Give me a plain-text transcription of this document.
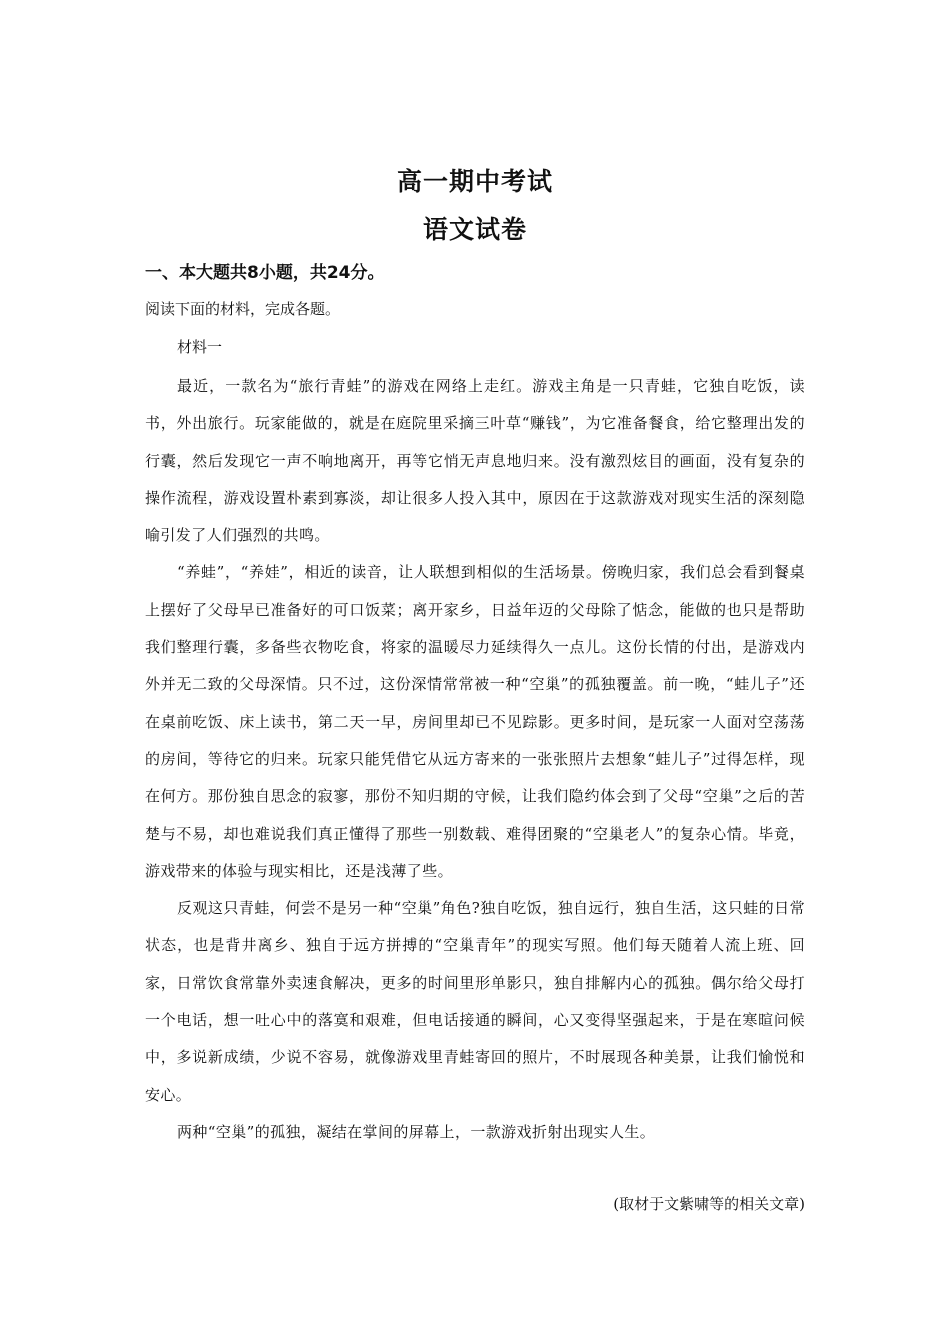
高一期中考试
语文试卷

一、本大题共8小题，共24分。

阅读下面的材料，完成各题。

材料一

最近，一款名为“旅行青蛙”的游戏在网络上走红。游戏主角是一只青蛙，它独自吃饭，读书，外出旅行。玩家能做的，就是在庭院里采摘三叶草“赚钱”，为它准备餐食，给它整理出发的行囊，然后发现它一声不响地离开，再等它悄无声息地归来。没有激烈炫目的画面，没有复杂的操作流程，游戏设置朴素到寡淡，却让很多人投入其中，原因在于这款游戏对现实生活的深刻隐喻引发了人们强烈的共鸣。

“养蛙”，“养娃”，相近的读音，让人联想到相似的生活场景。傍晚归家，我们总会看到餐桌上摆好了父母早已准备好的可口饭菜；离开家乡，日益年迈的父母除了惦念，能做的也只是帮助我们整理行囊，多备些衣物吃食，将家的温暖尽力延续得久一点儿。这份长情的付出，是游戏内外并无二致的父母深情。只不过，这份深情常常被一种“空巢”的孤独覆盖。前一晚，“蛙儿子”还在桌前吃饭、床上读书，第二天一早，房间里却已不见踪影。更多时间，是玩家一人面对空荡荡的房间，等待它的归来。玩家只能凭借它从远方寄来的一张张照片去想象“蛙儿子”过得怎样，现在何方。那份独自思念的寂寥，那份不知归期的守候，让我们隐约体会到了父母“空巢”之后的苦楚与不易，却也难说我们真正懂得了那些一别数载、难得团聚的“空巢老人”的复杂心情。毕竟，游戏带来的体验与现实相比，还是浅薄了些。

反观这只青蛙，何尝不是另一种“空巢”角色?独自吃饭，独自远行，独自生活，这只蛙的日常状态，也是背井离乡、独自于远方拼搏的“空巢青年”的现实写照。他们每天随着人流上班、回家，日常饮食常靠外卖速食解决，更多的时间里形单影只，独自排解内心的孤独。偶尔给父母打一个电话，想一吐心中的落寞和艰难，但电话接通的瞬间，心又变得坚强起来，于是在寒暄问候中，多说新成绩，少说不容易，就像游戏里青蛙寄回的照片，不时展现各种美景，让我们愉悦和安心。

两种“空巢”的孤独，凝结在掌间的屏幕上，一款游戏折射出现实人生。

(取材于文紫啸等的相关文章)
